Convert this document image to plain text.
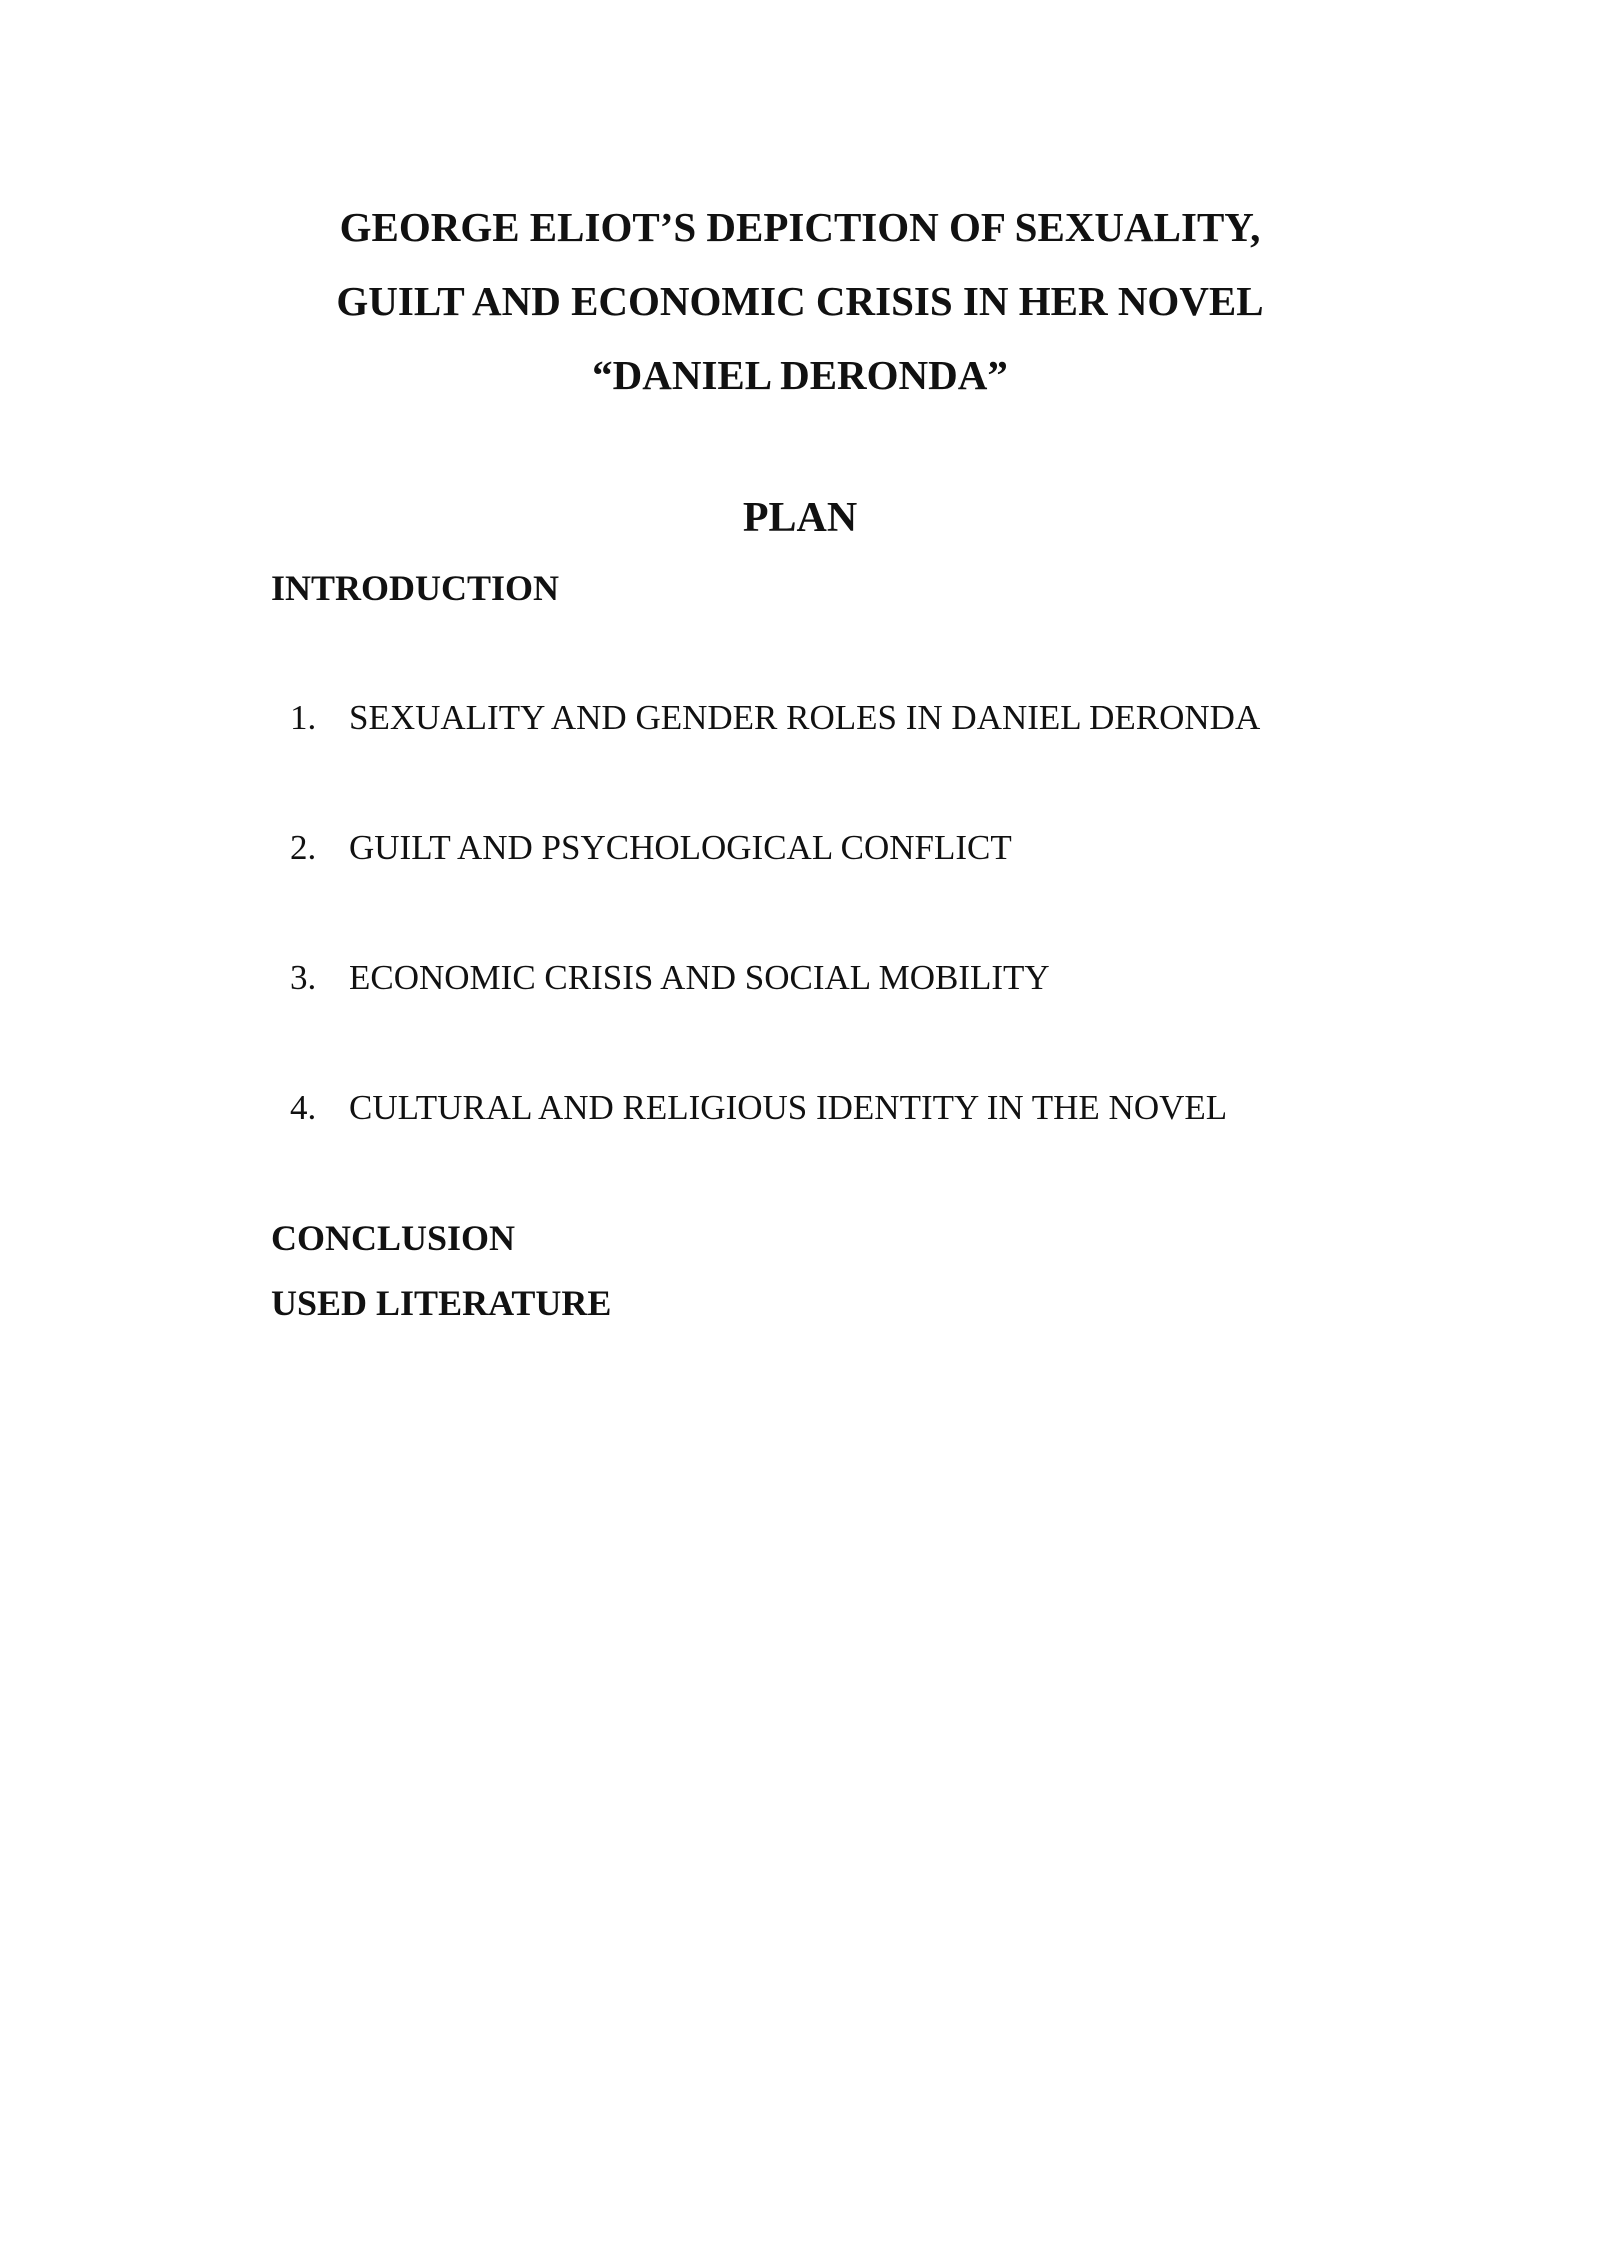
GEORGE ELIOT’S DEPICTION OF SEXUALITY,
GUILT AND ECONOMIC CRISIS IN HER NOVEL
“DANIEL DERONDA”
PLAN
INTRODUCTION
1. SEXUALITY AND GENDER ROLES IN DANIEL DERONDA
2. GUILT AND PSYCHOLOGICAL CONFLICT
3. ECONOMIC CRISIS AND SOCIAL MOBILITY
4. CULTURAL AND RELIGIOUS IDENTITY IN THE NOVEL
CONCLUSION
USED LITERATURE
